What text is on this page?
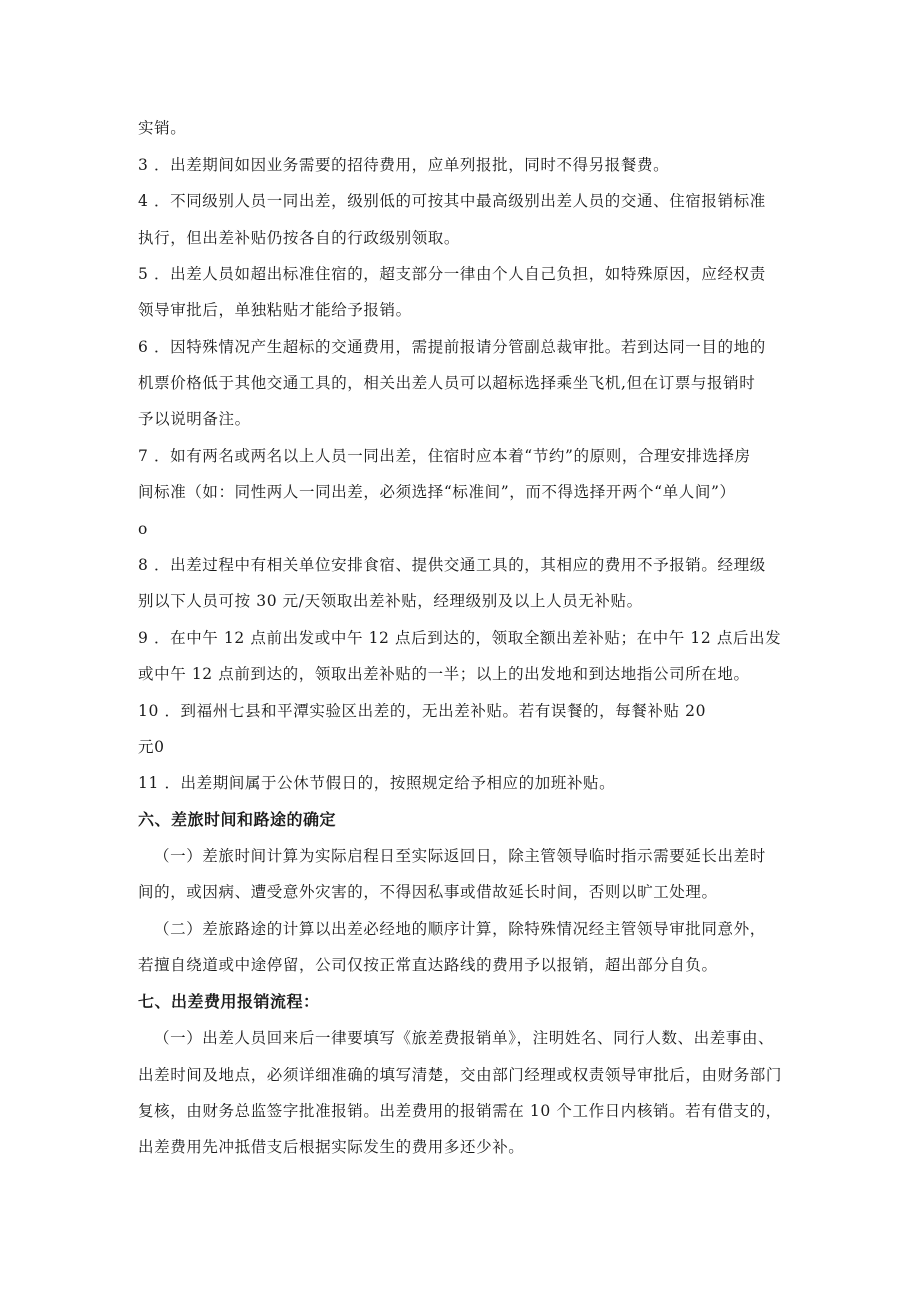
实销。
3 ．出差期间如因业务需要的招待费用，应单列报批，同时不得另报餐费。
4 ．不同级别人员一同出差，级别低的可按其中最高级别出差人员的交通、住宿报销标准
执行，但出差补贴仍按各自的行政级别领取。
5 ．出差人员如超出标准住宿的，超支部分一律由个人自己负担，如特殊原因，应经权责
领导审批后，单独粘贴才能给予报销。
6 ．因特殊情况产生超标的交通费用，需提前报请分管副总裁审批。若到达同一目的地的
机票价格低于其他交通工具的，相关出差人员可以超标选择乘坐飞机,但在订票与报销时
予以说明备注。
7 ．如有两名或两名以上人员一同出差，住宿时应本着“节约”的原则，合理安排选择房
间标准（如：同性两人一同出差，必须选择“标准间”，而不得选择开两个“单人间”）
o
8 ．出差过程中有相关单位安排食宿、提供交通工具的，其相应的费用不予报销。经理级
别以下人员可按 30 元/天领取出差补贴，经理级别及以上人员无补贴。
9 ．在中午 12 点前出发或中午 12 点后到达的，领取全额出差补贴；在中午 12 点后出发
或中午 12 点前到达的，领取出差补贴的一半；以上的出发地和到达地指公司所在地。
10 ．到福州七县和平潭实验区出差的，无出差补贴。若有误餐的，每餐补贴 20
元0
11 ．出差期间属于公休节假日的，按照规定给予相应的加班补贴。
六、差旅时间和路途的确定
（一）差旅时间计算为实际启程日至实际返回日，除主管领导临时指示需要延长出差时
间的，或因病、遭受意外灾害的，不得因私事或借故延长时间，否则以旷工处理。
（二）差旅路途的计算以出差必经地的顺序计算，除特殊情况经主管领导审批同意外，
若擅自绕道或中途停留，公司仅按正常直达路线的费用予以报销，超出部分自负。
七、出差费用报销流程：
（一）出差人员回来后一律要填写《旅差费报销单》，注明姓名、同行人数、出差事由、
出差时间及地点，必须详细准确的填写清楚，交由部门经理或权责领导审批后，由财务部门
复核，由财务总监签字批准报销。出差费用的报销需在 10 个工作日内核销。若有借支的，
出差费用先冲抵借支后根据实际发生的费用多还少补。
